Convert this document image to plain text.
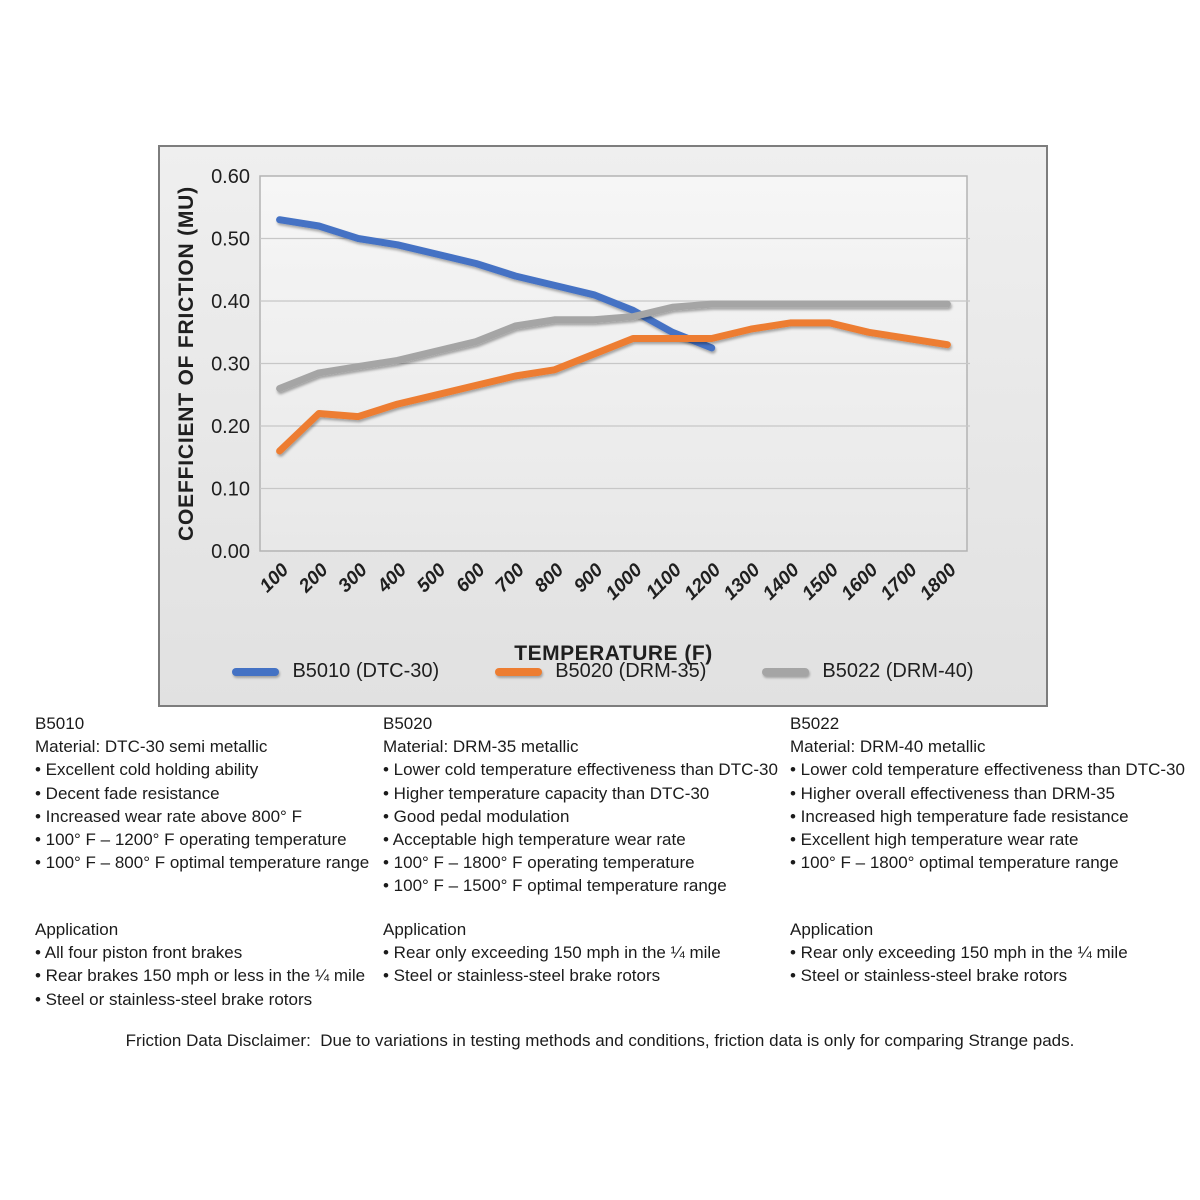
0.00
0.10
0.20
0.30
0.40
0.50
0.60
100 200 300 400 500 600 700 800 900
1000
1100
1200
1300
1400
1500
1600
1700
1800
TEMPERATURE (F)
COEFFICIENT OF FRICTION (MU)
B5010 (DTC-30)	B5020 (DRM-35)	B5022 (DRM-40)
B5010
Material: DTC-30 semi metallic
• Excellent cold holding ability
• Decent fade resistance
• Increased wear rate above 800° F
• 100° F – 1200° F operating temperature
• 100° F – 800° F optimal temperature range
Application
• All four piston front brakes
• Rear brakes 150 mph or less in the ¼ mile
• Steel or stainless-steel brake rotors
B5020
Material: DRM-35 metallic
• Lower cold temperature effectiveness than DTC-30
• Higher temperature capacity than DTC-30
• Good pedal modulation
• Acceptable high temperature wear rate
• 100° F – 1800° F operating temperature
• 100° F – 1500° F optimal temperature range
Application
• Rear only exceeding 150 mph in the ¼ mile
• Steel or stainless-steel brake rotors
B5022
Material: DRM-40 metallic
• Lower cold temperature effectiveness than DTC-30
• Higher overall effectiveness than DRM-35
• Increased high temperature fade resistance
• Excellent high temperature wear rate
• 100° F – 1800° optimal temperature range
Application
• Rear only exceeding 150 mph in the ¼ mile
• Steel or stainless-steel brake rotors
Friction Data Disclaimer:  Due to variations in testing methods and conditions, friction data is only for comparing Strange pads.
